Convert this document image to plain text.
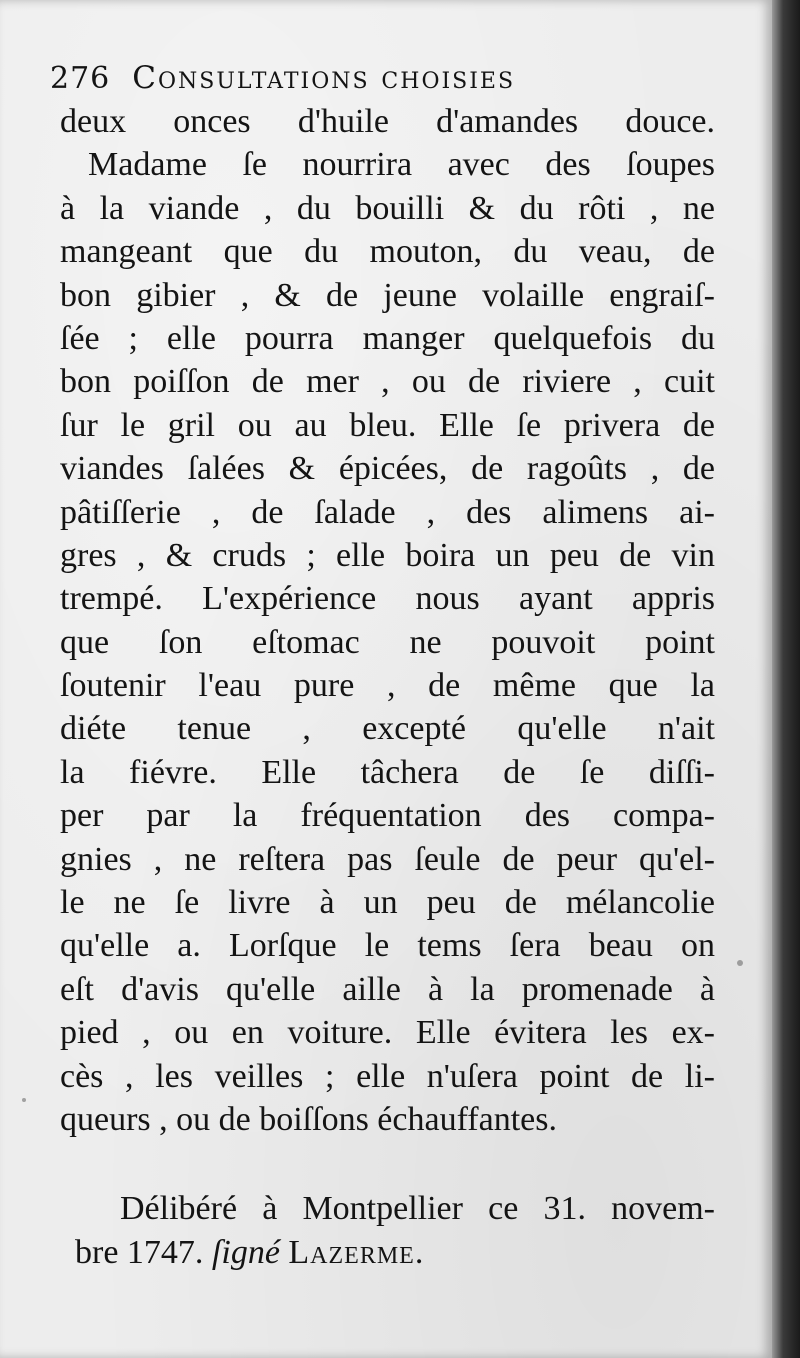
276 Consultations choisies
deux onces d'huile d'amandes douce.
Madame ſe nourrira avec des ſoupes
à la viande , du bouilli & du rôti , ne
mangeant que du mouton, du veau, de
bon gibier , & de jeune volaille engraiſ-
ſée ; elle pourra manger quelquefois du
bon poiſſon de mer , ou de riviere , cuit
ſur le gril ou au bleu. Elle ſe privera de
viandes ſalées & épicées, de ragoûts , de
pâtiſſerie , de ſalade , des alimens ai-
gres , & cruds ; elle boira un peu de vin
trempé. L'expérience nous ayant appris
que ſon eſtomac ne pouvoit point
ſoutenir l'eau pure , de même que la
diéte tenue , excepté qu'elle n'ait
la fiévre. Elle tâchera de ſe diſſi-
per par la fréquentation des compa-
gnies , ne reſtera pas ſeule de peur qu'el-
le ne ſe livre à un peu de mélancolie
qu'elle a. Lorſque le tems ſera beau on
eſt d'avis qu'elle aille à la promenade à
pied , ou en voiture. Elle évitera les ex-
cès , les veilles ; elle n'uſera point de li-
queurs , ou de boiſſons échauffantes.
Délibéré à Montpellier ce 31. novem-
bre 1747. ſigné Lazerme.
